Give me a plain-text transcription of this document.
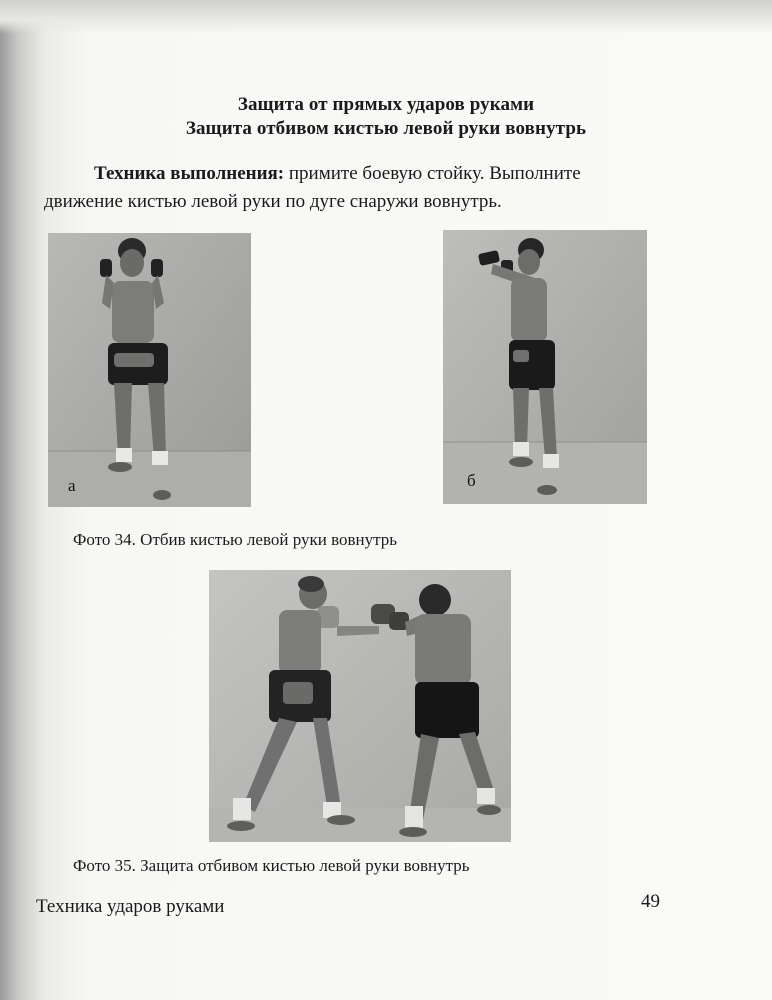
Защита от прямых ударов руками
Защита отбивом кистью левой руки вовнутрь
Техника выполнения: примите боевую стойку. Выполните
движение кистью левой руки по дуге снаружи вовнутрь.
а	б
Фото 34. Отбив кистью левой руки вовнутрь
Фото 35. Защита отбивом кистью левой руки вовнутрь
Техника ударов руками	49
